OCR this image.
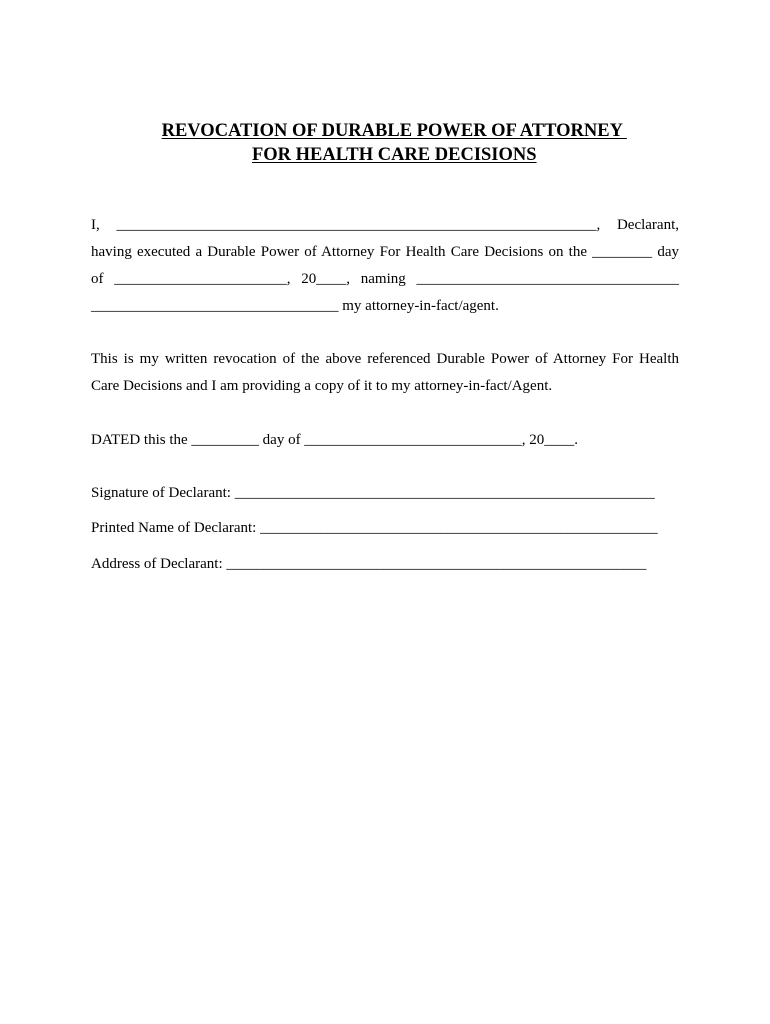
REVOCATION OF DURABLE POWER OF ATTORNEY

FOR HEALTH CARE DECISIONS

I, ________________________________________________________________, Declarant,
having executed a Durable Power of Attorney For Health Care Decisions on the ________ day
of _______________________, 20____, naming ___________________________________
_________________________________ my attorney-in-fact/agent.
This is my written revocation of the above referenced Durable Power of Attorney For Health
Care Decisions and I am providing a copy of it to my attorney-in-fact/Agent.
DATED this the _________ day of _____________________________, 20____.
Signature of Declarant: ________________________________________________________
Printed Name of Declarant: _____________________________________________________
Address of Declarant: ________________________________________________________
